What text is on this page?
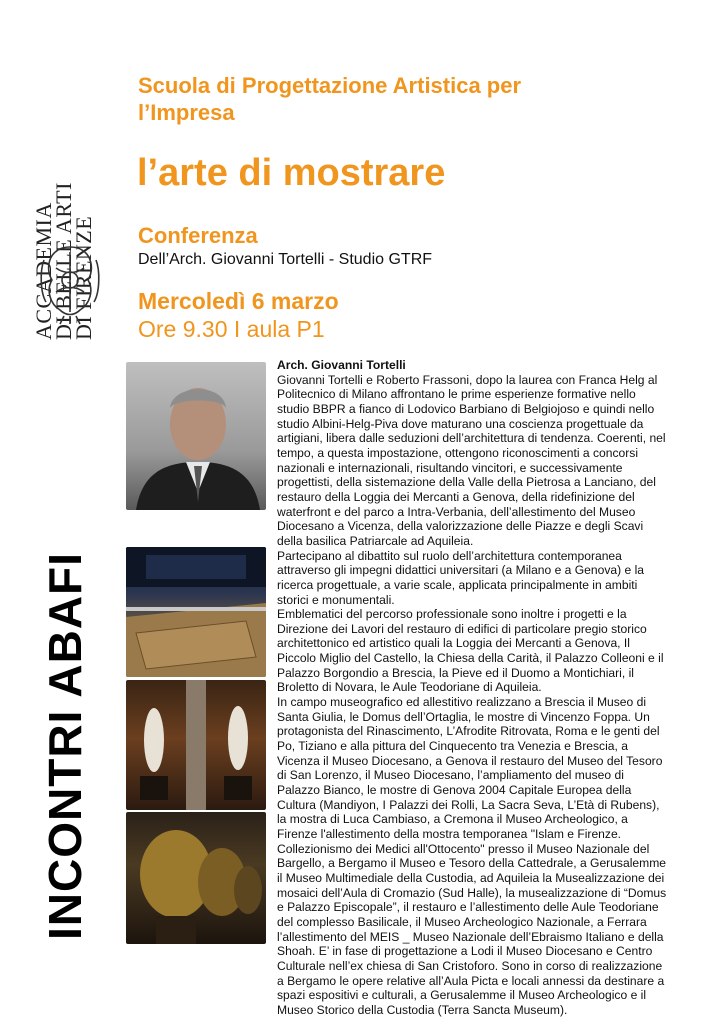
ACCADEMIA
DI BELLE ARTI
DI FIRENZE
INCONTRI ABAFI
Scuola di Progettazione Artistica per l’Impresa
l’arte di mostrare
Conferenza
Dell’Arch. Giovanni Tortelli - Studio GTRF
Mercoledì 6 marzo
Ore 9.30 I aula P1

Arch. Giovanni Tortelli

Giovanni Tortelli e Roberto Frassoni, dopo la laurea con Franca Helg al Politecnico di Milano affrontano le prime esperienze formative nello studio BBPR a fianco di Lodovico Barbiano di Belgiojoso e quindi nello studio Albini-Helg-Piva dove maturano una coscienza progettuale da artigiani, libera dalle seduzioni dell’architettura di tendenza. Coerenti, nel tempo, a questa impostazione, ottengono riconoscimenti a concorsi nazionali e internazionali, risultando vincitori, e successivamente progettisti, della sistemazione della Valle della Pietrosa a Lanciano, del restauro della Loggia dei Mercanti a Genova, della ridefinizione del waterfront e del parco a Intra-Verbania, dell’allestimento del Museo Diocesano a Vicenza, della valorizzazione delle Piazze e degli Scavi della basilica Patriarcale ad Aquileia.

Partecipano al dibattito sul ruolo dell’architettura contemporanea attraverso gli impegni didattici universitari (a Milano e a Genova) e la ricerca progettuale, a varie scale, applicata principalmente in ambiti storici e monumentali.

Emblematici del percorso professionale sono inoltre i progetti e la Direzione dei Lavori del restauro di edifici di particolare pregio storico architettonico ed artistico quali la Loggia dei Mercanti a Genova, Il Piccolo Miglio del Castello, la Chiesa della Carità, il Palazzo Colleoni e il Palazzo Borgondio a Brescia, la Pieve ed il Duomo a Montichiari, il Broletto di Novara, le Aule Teodoriane di Aquileia.

In campo museografico ed allestitivo realizzano a Brescia il Museo di Santa Giulia, le Domus dell’Ortaglia, le mostre di Vincenzo Foppa. Un protagonista del Rinascimento, L’Afrodite Ritrovata, Roma e le genti del Po, Tiziano e alla pittura del Cinquecento tra Venezia e Brescia, a Vicenza il Museo Diocesano, a Genova il restauro del Museo del Tesoro di San Lorenzo, il Museo Diocesano, l’ampliamento del museo di Palazzo Bianco, le mostre di Genova 2004 Capitale Europea della Cultura (Mandiyon, I Palazzi dei Rolli, La Sacra Seva, L’Età di Rubens), la mostra di Luca Cambiaso, a Cremona il Museo Archeologico, a Firenze l'allestimento della mostra temporanea "Islam e Firenze. Collezionismo dei Medici all'Ottocento" presso il Museo Nazionale del Bargello, a Bergamo il Museo e Tesoro della Cattedrale, a Gerusalemme il Museo Multimediale della Custodia, ad Aquileia la Musealizzazione dei mosaici dell’Aula di Cromazio (Sud Halle), la musealizzazione di “Domus e Palazzo Episcopale”, il restauro e l’allestimento delle Aule Teodoriane del complesso Basilicale, il Museo Archeologico Nazionale, a Ferrara l’allestimento del MEIS _ Museo Nazionale dell’Ebraismo Italiano e della Shoah. E’ in fase di progettazione a Lodi il Museo Diocesano e Centro Culturale nell’ex chiesa di San Cristoforo. Sono in corso di realizzazione a Bergamo le opere relative all’Aula Picta e locali annessi da destinare a spazi espositivi e culturali, a Gerusalemme il Museo Archeologico e il Museo Storico della Custodia (Terra Sancta Museum).
